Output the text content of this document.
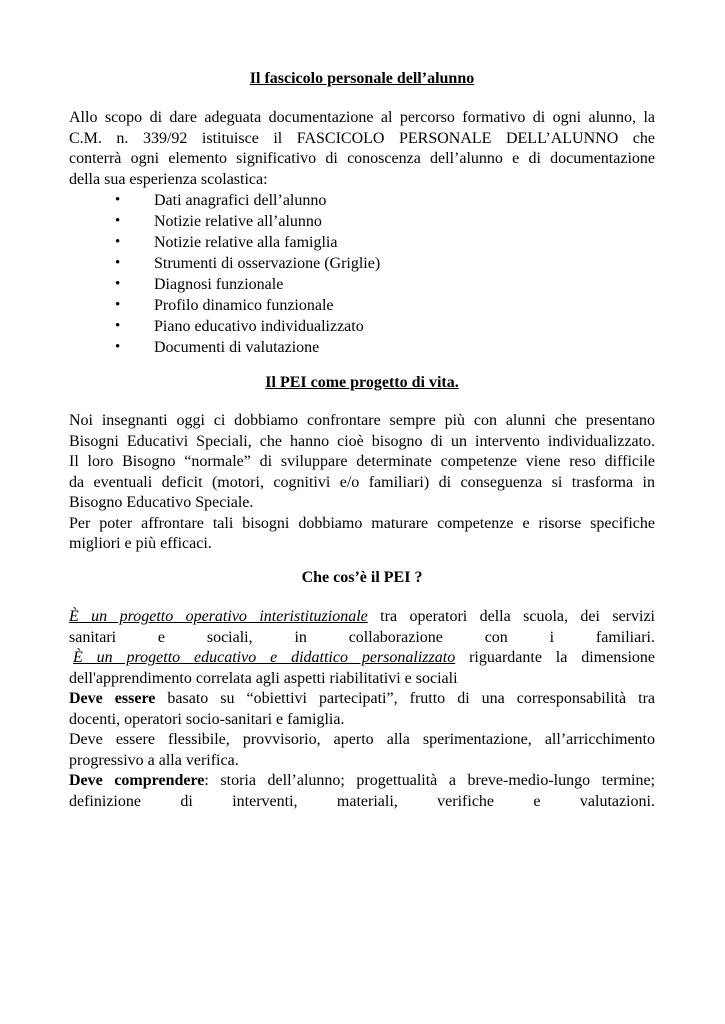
Il fascicolo personale dell’alunno

Allo scopo di dare adeguata documentazione al percorso formativo di ogni alunno, la

C.M. n. 339/92 istituisce il FASCICOLO PERSONALE DELL’ALUNNO che

conterrà ogni elemento significativo di conoscenza dell’alunno e di documentazione

della sua esperienza scolastica:

• Dati anagrafici dell’alunno
• Notizie relative all’alunno
• Notizie relative alla famiglia
• Strumenti di osservazione (Griglie)
• Diagnosi funzionale
• Profilo dinamico funzionale
• Piano educativo individualizzato
• Documenti di valutazione
Il PEI come progetto di vita.

Noi insegnanti oggi ci dobbiamo confrontare sempre più con alunni che presentano

Bisogni Educativi Speciali, che hanno cioè bisogno di un intervento individualizzato.

Il loro Bisogno “normale” di sviluppare determinate competenze viene reso difficile

da eventuali deficit (motori, cognitivi e/o familiari) di conseguenza si trasforma in

Bisogno Educativo Speciale.

Per poter affrontare tali bisogni dobbiamo maturare competenze e risorse specifiche

migliori e più efficaci.

Che cos’è il PEI ?

È un progetto operativo interistituzionale tra operatori della scuola, dei servizi

sanitari e sociali, in collaborazione con i familiari.

È un progetto educativo e didattico personalizzato riguardante la dimensione

dell'apprendimento correlata agli aspetti riabilitativi e sociali

Deve essere basato su “obiettivi partecipati”, frutto di una corresponsabilità tra

docenti, operatori socio-sanitari e famiglia.

Deve essere flessibile, provvisorio, aperto alla sperimentazione, all’arricchimento

progressivo a alla verifica.

Deve comprendere: storia dell’alunno; progettualità a breve-medio-lungo termine;

definizione di interventi, materiali, verifiche e valutazioni.
